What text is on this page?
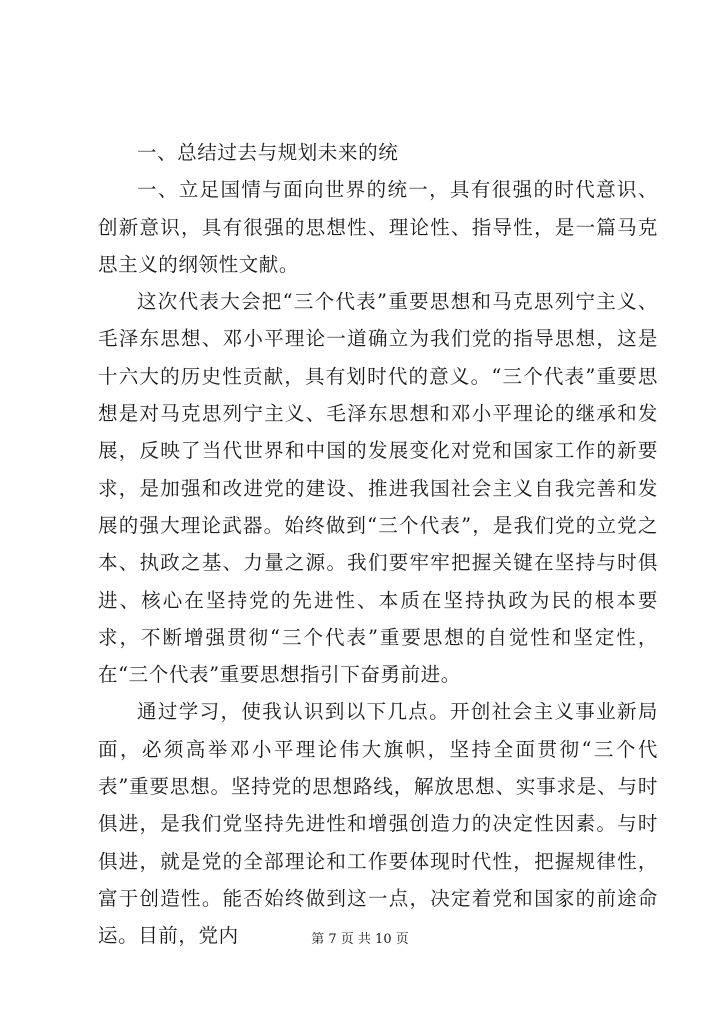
一、总结过去与规划未来的统

一、立足国情与面向世界的统一，具有很强的时代意识、创新意识，具有很强的思想性、理论性、指导性，是一篇马克思主义的纲领性文献。

这次代表大会把“三个代表”重要思想和马克思列宁主义、毛泽东思想、邓小平理论一道确立为我们党的指导思想，这是十六大的历史性贡献，具有划时代的意义。“三个代表”重要思想是对马克思列宁主义、毛泽东思想和邓小平理论的继承和发展，反映了当代世界和中国的发展变化对党和国家工作的新要求，是加强和改进党的建设、推进我国社会主义自我完善和发展的强大理论武器。始终做到“三个代表”，是我们党的立党之本、执政之基、力量之源。我们要牢牢把握关键在坚持与时俱进、核心在坚持党的先进性、本质在坚持执政为民的根本要求，不断增强贯彻“三个代表”重要思想的自觉性和坚定性，在“三个代表”重要思想指引下奋勇前进。

通过学习，使我认识到以下几点。开创社会主义事业新局面，必须高举邓小平理论伟大旗帜，坚持全面贯彻“三个代表”重要思想。坚持党的思想路线，解放思想、实事求是、与时俱进，是我们党坚持先进性和增强创造力的决定性因素。与时俱进，就是党的全部理论和工作要体现时代性，把握规律性，富于创造性。能否始终做到这一点，决定着党和国家的前途命运。目前，党内	第 7 页 共 10 页
